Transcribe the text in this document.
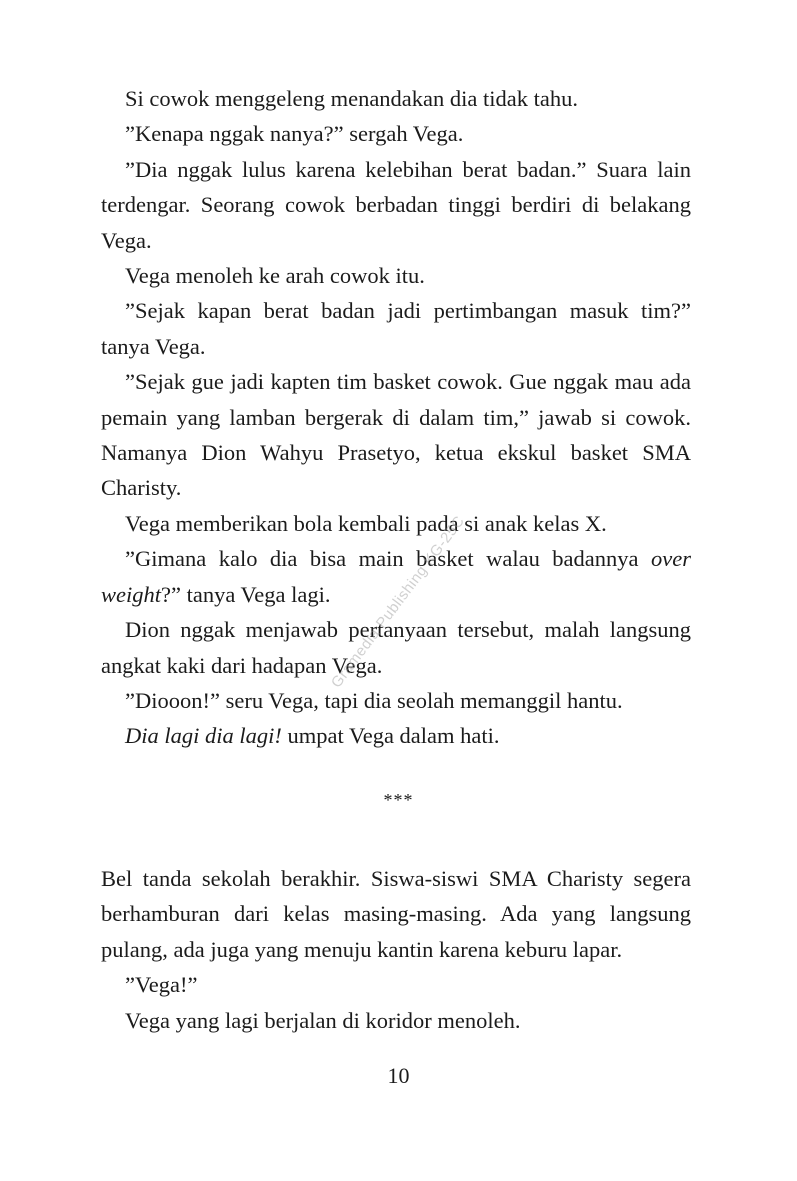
Si cowok menggeleng menandakan dia tidak tahu.

”Kenapa nggak nanya?” sergah Vega.

”Dia nggak lulus karena kelebihan berat badan.” Suara lain terdengar. Seorang cowok berbadan tinggi berdiri di belakang Vega.

Vega menoleh ke arah cowok itu.

”Sejak kapan berat badan jadi pertimbangan masuk tim?” tanya Vega.

”Sejak gue jadi kapten tim basket cowok. Gue nggak mau ada pemain yang lamban bergerak di dalam tim,” jawab si cowok. Namanya Dion Wahyu Prasetyo, ketua ekskul basket SMA Charisty.

Vega memberikan bola kembali pada si anak kelas X.

”Gimana kalo dia bisa main basket walau badannya over weight?” tanya Vega lagi.

Dion nggak menjawab pertanyaan tersebut, malah langsung angkat kaki dari hadapan Vega.

”Diooon!” seru Vega, tapi dia seolah memanggil hantu.

Dia lagi dia lagi! umpat Vega dalam hati.

***

Bel tanda sekolah berakhir. Siswa-siswi SMA Charisty segera berhamburan dari kelas masing-masing. Ada yang langsung pulang, ada juga yang menuju kantin karena keburu lapar.

”Vega!”

Vega yang lagi berjalan di koridor menoleh.

10
Gramedia Publishing KG-25C
